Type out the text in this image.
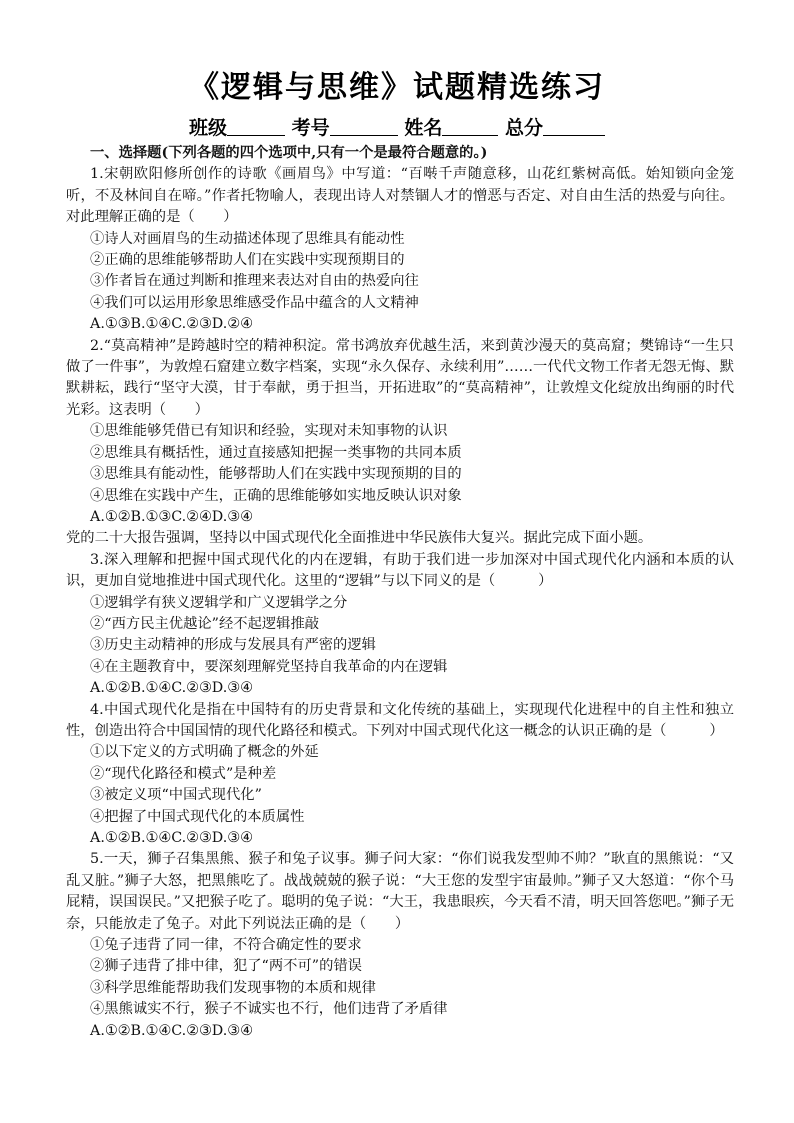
《逻辑与思维》试题精选练习
班级	考号	姓名	总分

一、选择题(下列各题的四个选项中,只有一个是最符合题意的。)

1.宋朝欧阳修所创作的诗歌《画眉鸟》中写道：“百啭千声随意移，山花红紫树高低。始知锁向金笼听，不及林间自在啼。”作者托物喻人，表现出诗人对禁锢人才的憎恶与否定、对自由生活的热爱与向往。对此理解正确的是（　　）

①诗人对画眉鸟的生动描述体现了思维具有能动性

②正确的思维能够帮助人们在实践中实现预期目的

③作者旨在通过判断和推理来表达对自由的热爱向往

④我们可以运用形象思维感受作品中蕴含的人文精神

A.①③B.①④C.②③D.②④

2.“莫高精神”是跨越时空的精神积淀。常书鸿放弃优越生活，来到黄沙漫天的莫高窟；樊锦诗“一生只做了一件事”，为敦煌石窟建立数字档案，实现“永久保存、永续利用”……一代代文物工作者无怨无悔、默默耕耘，践行“坚守大漠，甘于奉献，勇于担当，开拓进取”的“莫高精神”，让敦煌文化绽放出绚丽的时代光彩。这表明（　　）

①思维能够凭借已有知识和经验，实现对未知事物的认识

②思维具有概括性，通过直接感知把握一类事物的共同本质

③思维具有能动性，能够帮助人们在实践中实现预期的目的

④思维在实践中产生，正确的思维能够如实地反映认识对象

A.①②B.①③C.②④D.③④

党的二十大报告强调，坚持以中国式现代化全面推进中华民族伟大复兴。据此完成下面小题。

3.深入理解和把握中国式现代化的内在逻辑，有助于我们进一步加深对中国式现代化内涵和本质的认识，更加自觉地推进中国式现代化。这里的“逻辑”与以下同义的是（　　　）

①逻辑学有狭义逻辑学和广义逻辑学之分

②“西方民主优越论”经不起逻辑推敲

③历史主动精神的形成与发展具有严密的逻辑

④在主题教育中，要深刻理解党坚持自我革命的内在逻辑

A.①②B.①④C.②③D.③④

4.中国式现代化是指在中国特有的历史背景和文化传统的基础上，实现现代化进程中的自主性和独立性，创造出符合中国国情的现代化路径和模式。下列对中国式现代化这一概念的认识正确的是（　　　）

①以下定义的方式明确了概念的外延

②“现代化路径和模式”是种差

③被定义项“中国式现代化”

④把握了中国式现代化的本质属性

A.①②B.①④C.②③D.③④

5.一天，狮子召集黑熊、猴子和兔子议事。狮子问大家：“你们说我发型帅不帅？”耿直的黑熊说：“又乱又脏。”狮子大怒，把黑熊吃了。战战兢兢的猴子说：“大王您的发型宇宙最帅。”狮子又大怒道：“你个马屁精，误国误民。”又把猴子吃了。聪明的兔子说：“大王，我患眼疾，今天看不清，明天回答您吧。”狮子无奈，只能放走了兔子。对此下列说法正确的是（　　）

①兔子违背了同一律，不符合确定性的要求

②狮子违背了排中律，犯了“两不可”的错误

③科学思维能帮助我们发现事物的本质和规律

④黑熊诚实不行，猴子不诚实也不行，他们违背了矛盾律

A.①②B.①④C.②③D.③④
